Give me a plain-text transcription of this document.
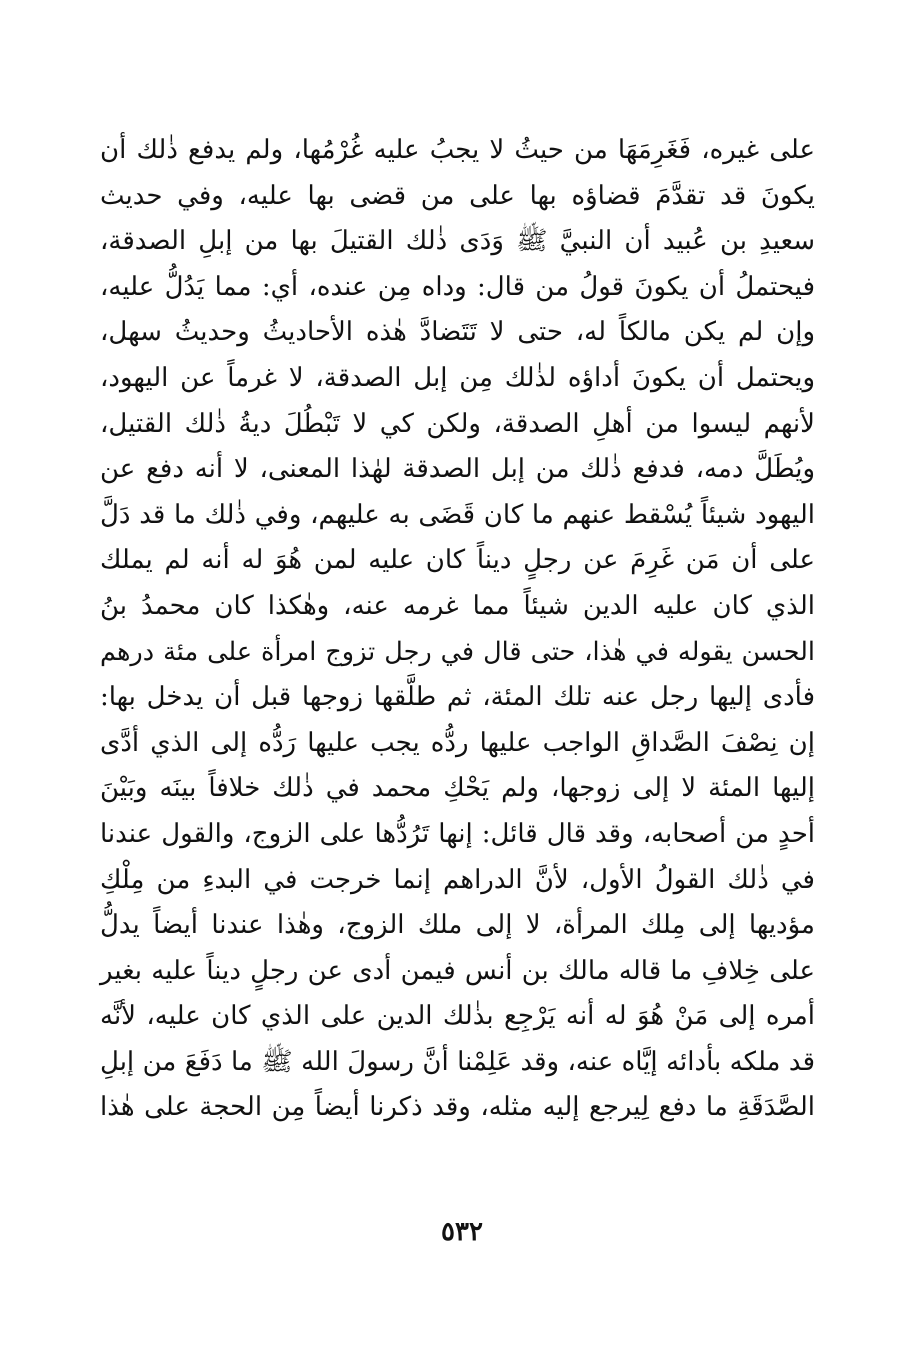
على غيره، فَغَرِمَهَا من حيثُ لا يجبُ عليه غُرْمُها، ولم يدفع ذٰلك أن
يكونَ قد تقدَّمَ قضاؤه بها على من قضى بها عليه، وفي حديث
سعيدِ بن عُبيد أن النبيَّ ﷺ وَدَى ذٰلك القتيلَ بها من إبلِ الصدقة،
فيحتملُ أن يكونَ قولُ من قال: وداه مِن عنده، أي: مما يَدُلُّ عليه،
وإن لم يكن مالكاً له، حتى لا تَتَضادَّ هٰذه الأحاديثُ وحديثُ سهل،
ويحتمل أن يكونَ أداؤه لذٰلك مِن إبل الصدقة، لا غرماً عن اليهود،
لأنهم ليسوا من أهلِ الصدقة، ولكن كي لا تَبْطُلَ ديةُ ذٰلك القتيل،
ويُطَلَّ دمه، فدفع ذٰلك من إبل الصدقة لهٰذا المعنى، لا أنه دفع عن
اليهود شيئاً يُسْقط عنهم ما كان قَضَى به عليهم، وفي ذٰلك ما قد دَلَّ
على أن مَن غَرِمَ عن رجلٍ ديناً كان عليه لمن هُوَ له أنه لم يملك
الذي كان عليه الدين شيئاً مما غرمه عنه، وهٰكذا كان محمدُ بنُ
الحسن يقوله في هٰذا، حتى قال في رجل تزوج امرأة على مئة درهم
فأدى إليها رجل عنه تلك المئة، ثم طلَّقها زوجها قبل أن يدخل بها:
إن نِصْفَ الصَّداقِ الواجب عليها ردُّه يجب عليها رَدُّه إلى الذي أدَّى
إليها المئة لا إلى زوجها، ولم يَحْكِ محمد في ذٰلك خلافاً بينَه وبَيْنَ
أحدٍ من أصحابه، وقد قال قائل: إنها تَرُدُّها على الزوج، والقول عندنا
في ذٰلك القولُ الأول، لأنَّ الدراهم إنما خرجت في البدءِ من مِلْكِ
مؤديها إلى مِلك المرأة، لا إلى ملك الزوج، وهٰذا عندنا أيضاً يدلُّ
على خِلافِ ما قاله مالك بن أنس فيمن أدى عن رجلٍ ديناً عليه بغير
أمره إلى مَنْ هُوَ له أنه يَرْجِع بذٰلك الدين على الذي كان عليه، لأنَّه
قد ملكه بأدائه إيَّاه عنه، وقد عَلِمْنا أنَّ رسولَ الله ﷺ ما دَفَعَ من إبلِ
الصَّدَقَةِ ما دفع لِيرجع إليه مثله، وقد ذكرنا أيضاً مِن الحجة على هٰذا
٥٣٢
